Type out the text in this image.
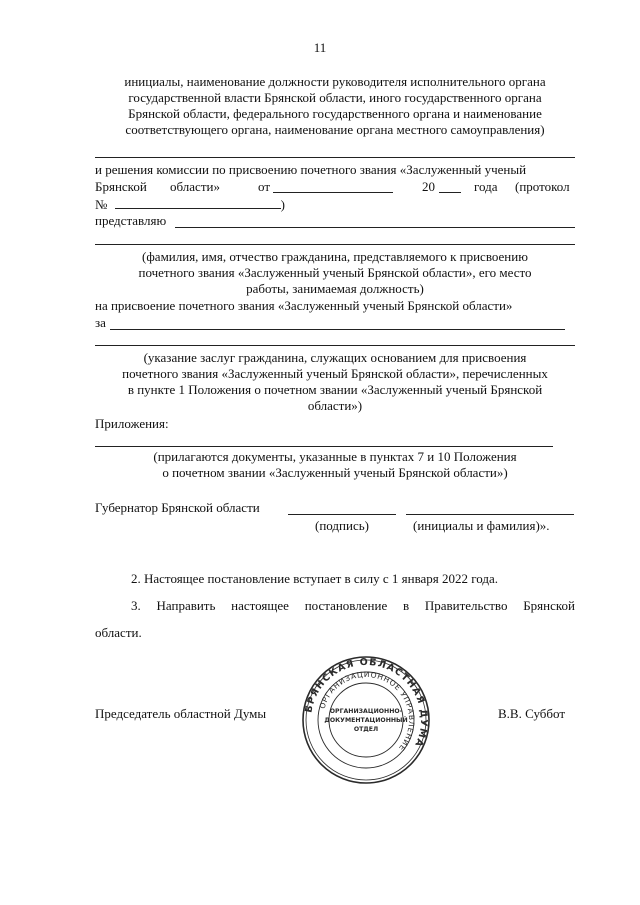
11
инициалы, наименование должности руководителя исполнительного органа
государственной власти Брянской области, иного государственного органа
Брянской области, федерального государственного органа и наименование
соответствующего органа, наименование органа местного самоуправления)
и решения комиссии по присвоению почетного звания «Заслуженный ученый
Брянской области»	от	20	года (протокол
№	)
представляю
(фамилия, имя, отчество гражданина, представляемого к присвоению
почетного звания «Заслуженный ученый Брянской области», его место
работы, занимаемая должность)
на присвоение почетного звания «Заслуженный ученый Брянской области»
за
(указание заслуг гражданина, служащих основанием для присвоения
почетного звания «Заслуженный ученый Брянской области», перечисленных
в пункте 1 Положения о почетном звании «Заслуженный ученый Брянской
области»)
Приложения:
(прилагаются документы, указанные в пунктах 7 и 10 Положения
о почетном звании «Заслуженный ученый Брянской области»)
Губернатор Брянской области
(подпись)	(инициалы и фамилия)».
2. Настоящее постановление вступает в силу с 1 января 2022 года.
3. Направить настоящее постановление в Правительство Брянской
области.
Председатель областной Думы	В.В. Суббот
БРЯНСКАЯ ОБЛАСТНАЯ ДУМА
ОРГАНИЗАЦИОННОЕ УПРАВЛЕНИЕ
ОРГАНИЗАЦИОННО-
ДОКУМЕНТАЦИОННЫЙ
ОТДЕЛ
